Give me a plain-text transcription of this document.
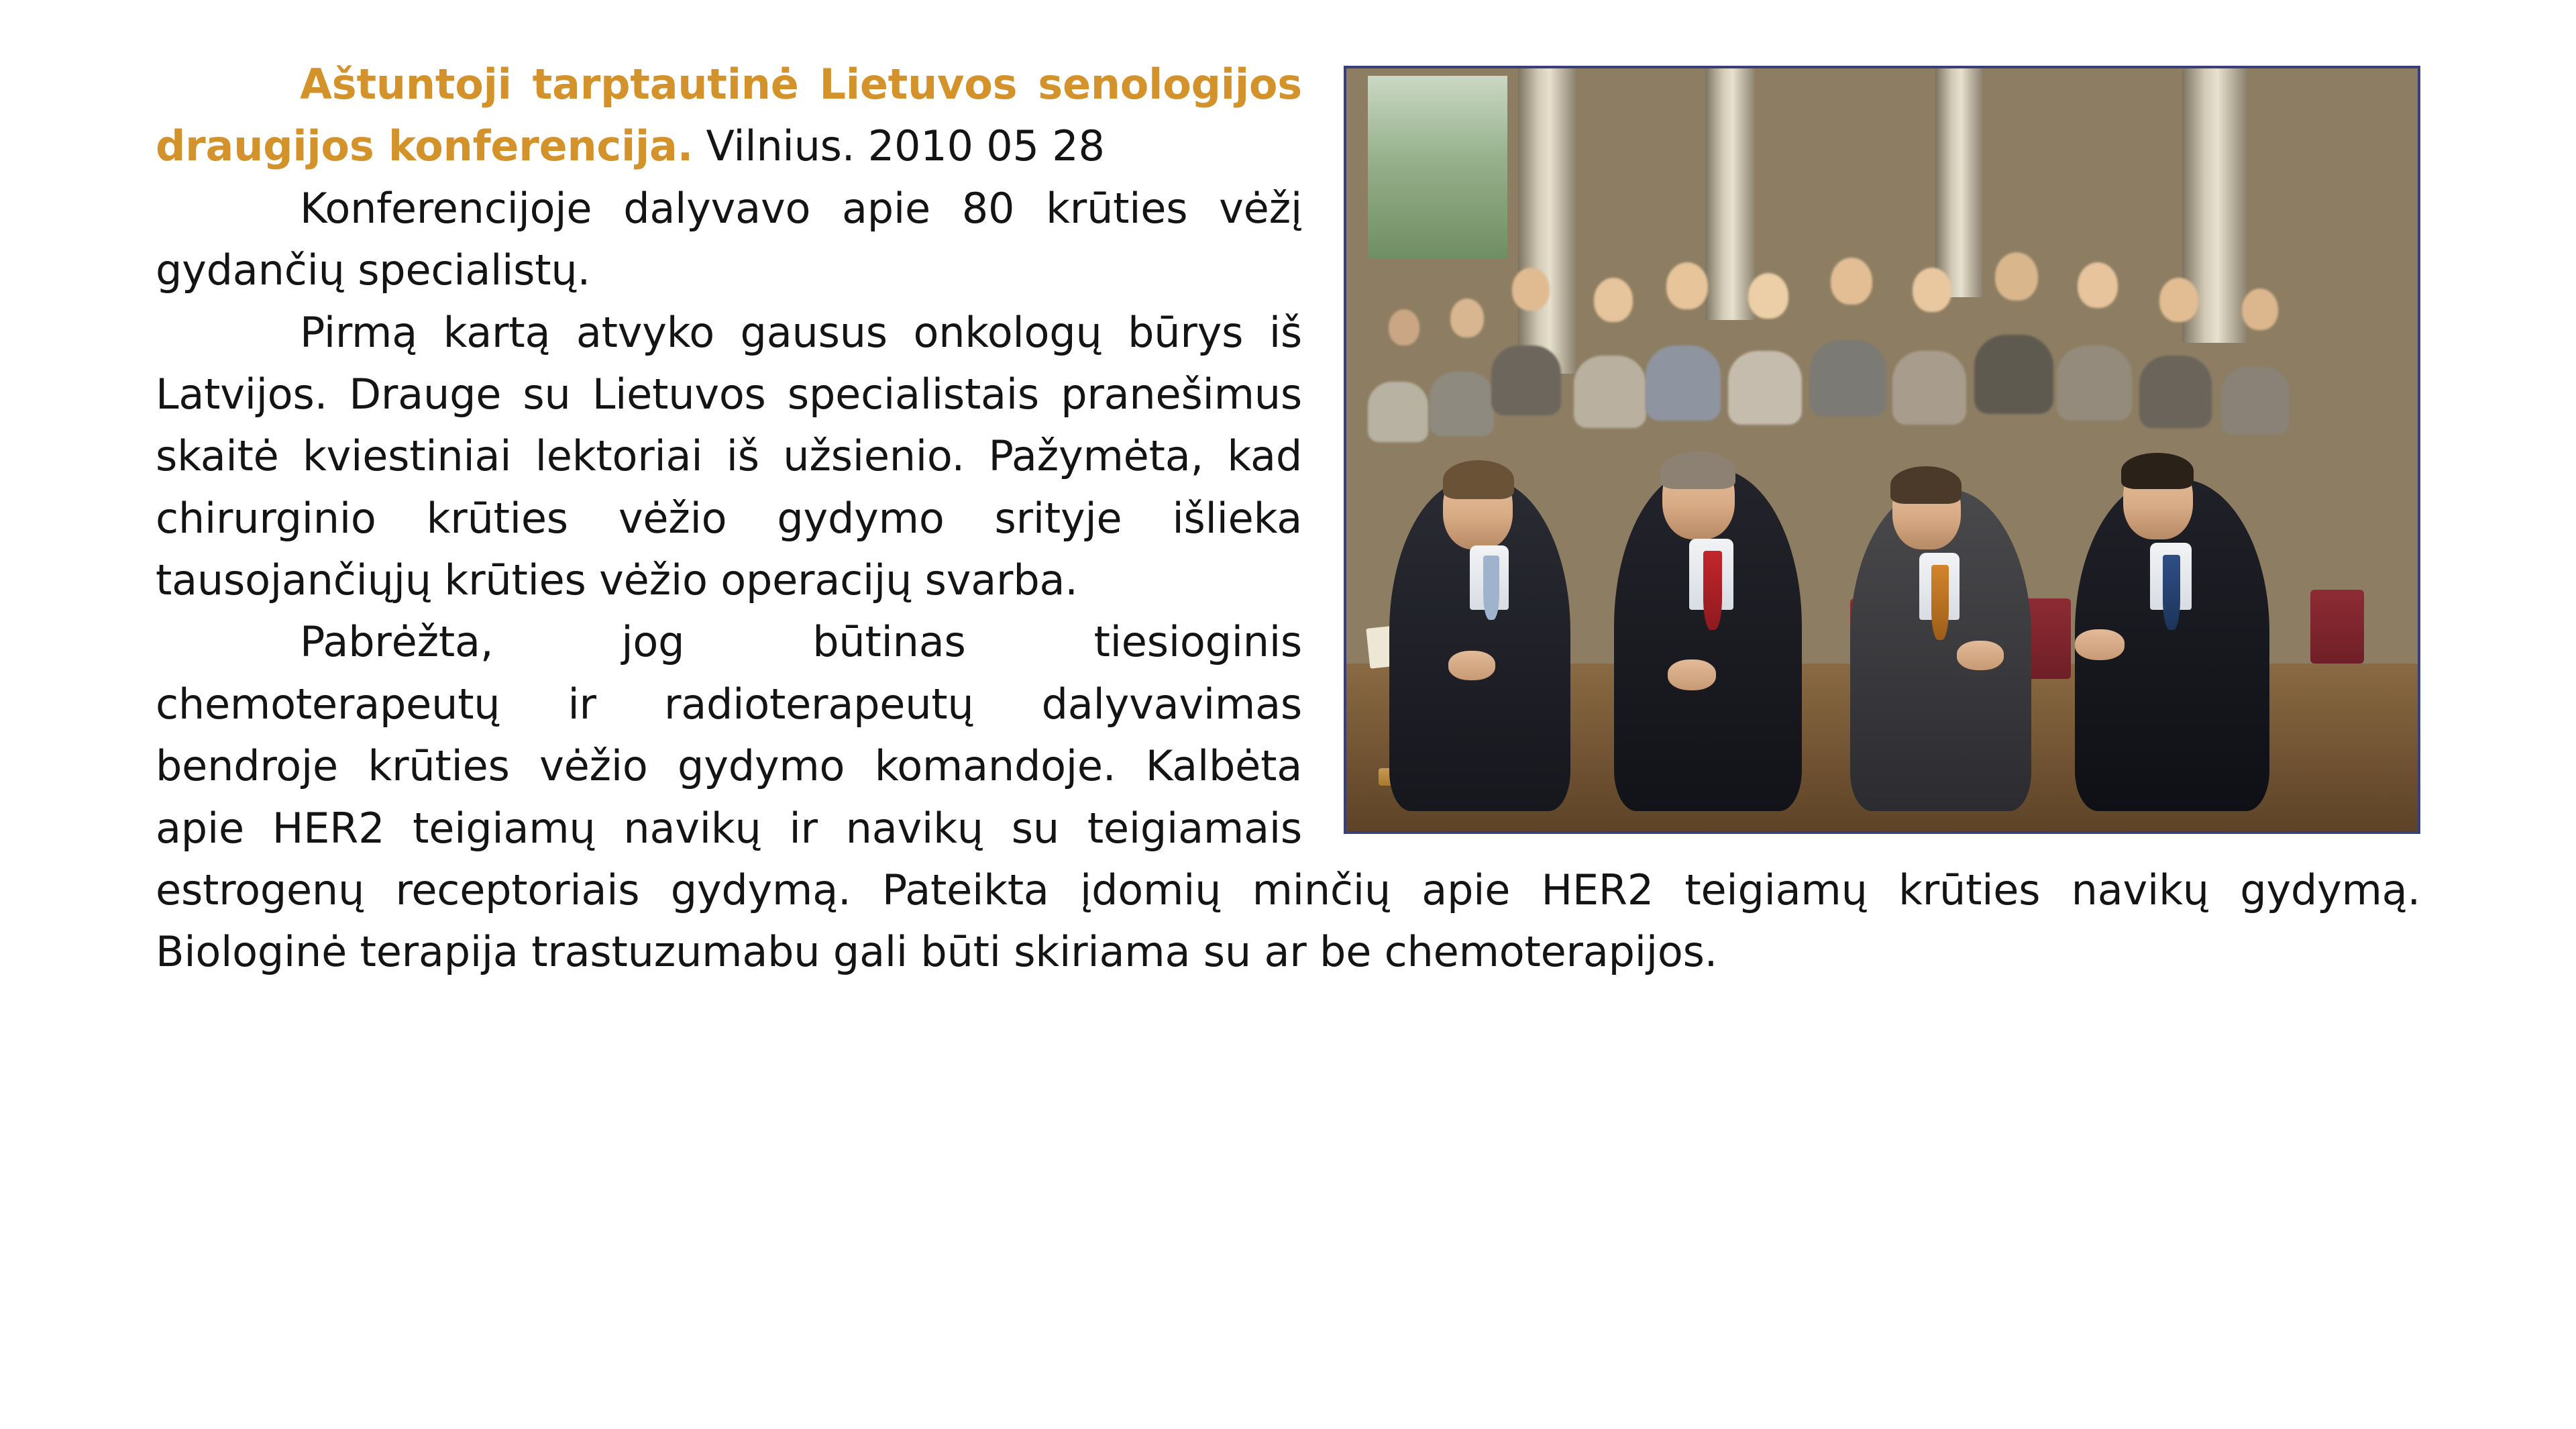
Aštuntoji tarptautinė Lietuvos senologijos draugijos konferencija. Vilnius. 2010 05 28

Konferencijoje dalyvavo apie 80 krūties vėžį gydančių specialistų.

Pirmą kartą atvyko gausus onkologų būrys iš Latvijos. Drauge su Lietuvos specialistais pranešimus skaitė kviestiniai lektoriai iš užsienio. Pažymėta, kad chirurginio krūties vėžio gydymo srityje išlieka tausojančiųjų krūties vėžio operacijų svarba.

Pabrėžta, jog būtinas tiesioginis chemoterapeutų ir radioterapeutų dalyvavimas bendroje krūties vėžio gydymo komandoje. Kalbėta apie HER2 teigiamų navikų ir navikų su teigiamais estrogenų receptoriais gydymą. Pateikta įdomių minčių apie HER2 teigiamų krūties navikų gydymą. Biologinė terapija trastuzumabu gali būti skiriama su ar be chemoterapijos.
